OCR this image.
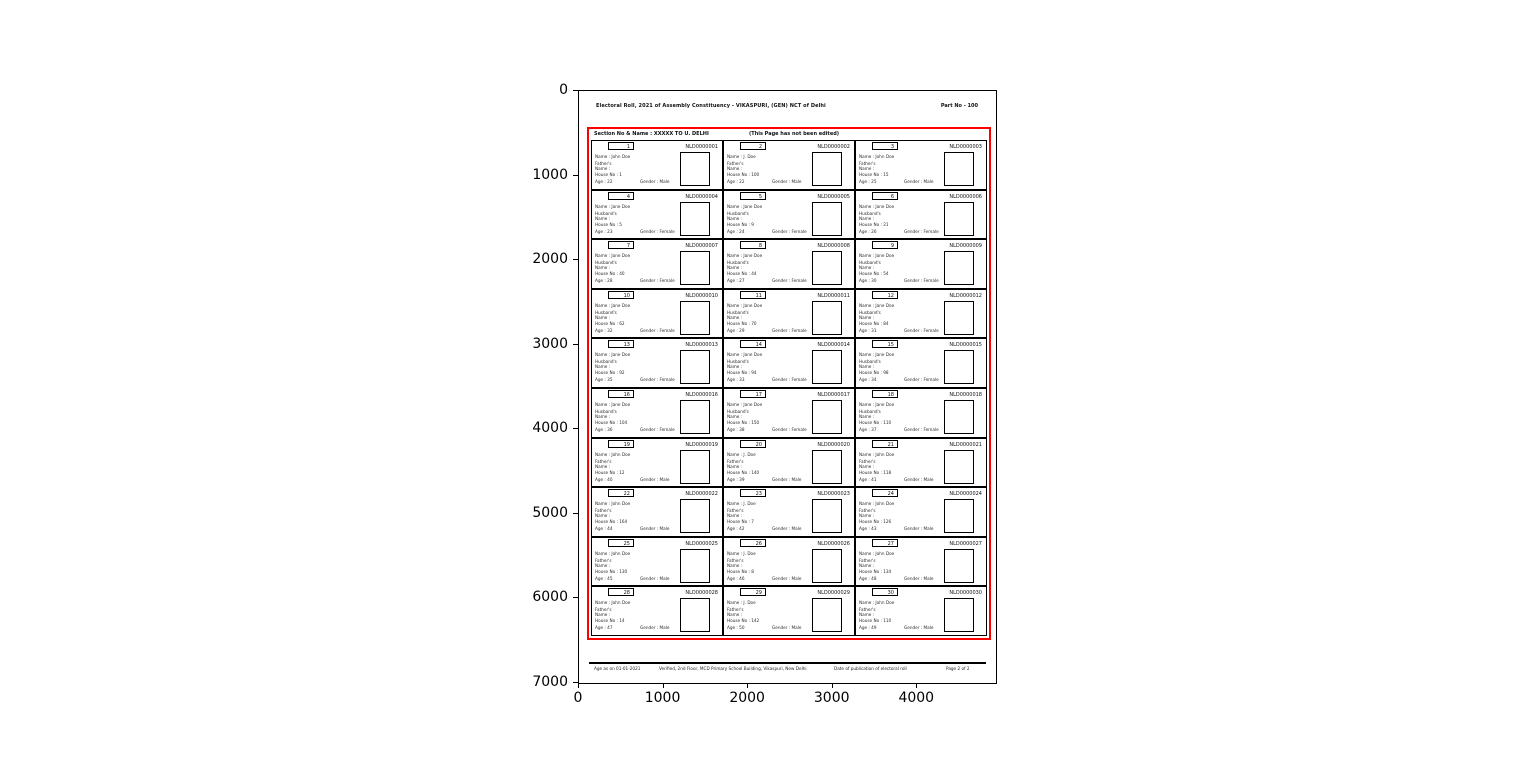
0
1000
2000
3000
4000
5000
6000
7000
0	1000	2000	3000	4000
Electoral Roll, 2021 of Assembly Constituency - VIKASPURI, (GEN) NCT of Delhi	Part No - 100
Section No & Name : XXXXX TO U. DELHI	(This Page has not been edited)
1	NLD0000001
Name : John Doe
Father's
Name :
House No : 1
Age : 22	Gender : Male
2	NLD0000002
Name : J. Doe
Father's
Name :
House No : 100
Age : 22	Gender : Male
3	NLD0000003
Name : John Doe
Father's
Name :
House No : 15
Age : 25	Gender : Male
4	NLD0000004
Name : Jane Doe
Husband's
Name :
House No : 5
Age : 23	Gender : Female
5	NLD0000005
Name : Jane Doe
Husband's
Name :
House No : 9
Age : 24	Gender : Female
6	NLD0000006
Name : Jane Doe
Husband's
Name :
House No : 21
Age : 26	Gender : Female
7	NLD0000007
Name : Jane Doe
Husband's
Name :
House No : 40
Age : 28	Gender : Female
8	NLD0000008
Name : Jane Doe
Husband's
Name :
House No : 44
Age : 27	Gender : Female
9	NLD0000009
Name : Jane Doe
Husband's
Name :
House No : 54
Age : 30	Gender : Female
10	NLD0000010
Name : Jane Doe
Husband's
Name :
House No : 62
Age : 32	Gender : Female
11	NLD0000011
Name : Jane Doe
Husband's
Name :
House No : 70
Age : 29	Gender : Female
12	NLD0000012
Name : Jane Doe
Husband's
Name :
House No : 84
Age : 31	Gender : Female
13	NLD0000013
Name : Jane Doe
Husband's
Name :
House No : 92
Age : 35	Gender : Female
14	NLD0000014
Name : Jane Doe
Husband's
Name :
House No : 94
Age : 33	Gender : Female
15	NLD0000015
Name : Jane Doe
Husband's
Name :
House No : 98
Age : 34	Gender : Female
16	NLD0000016
Name : Jane Doe
Husband's
Name :
House No : 104
Age : 36	Gender : Female
17	NLD0000017
Name : Jane Doe
Husband's
Name :
House No : 150
Age : 38	Gender : Female
18	NLD0000018
Name : Jane Doe
Husband's
Name :
House No : 110
Age : 37	Gender : Female
19	NLD0000019
Name : John Doe
Father's
Name :
House No : 12
Age : 40	Gender : Male
20	NLD0000020
Name : J. Doe
Father's
Name :
House No : 140
Age : 39	Gender : Male
21	NLD0000021
Name : John Doe
Father's
Name :
House No : 118
Age : 41	Gender : Male
22	NLD0000022
Name : John Doe
Father's
Name :
House No : 164
Age : 44	Gender : Male
23	NLD0000023
Name : J. Doe
Father's
Name :
House No : 7
Age : 42	Gender : Male
24	NLD0000024
Name : John Doe
Father's
Name :
House No : 126
Age : 43	Gender : Male
25	NLD0000025
Name : John Doe
Father's
Name :
House No : 130
Age : 45	Gender : Male
26	NLD0000026
Name : J. Doe
Father's
Name :
House No : 8
Age : 46	Gender : Male
27	NLD0000027
Name : John Doe
Father's
Name :
House No : 134
Age : 48	Gender : Male
28	NLD0000028
Name : John Doe
Father's
Name :
House No : 14
Age : 47	Gender : Male
29	NLD0000029
Name : J. Doe
Father's
Name :
House No : 142
Age : 50	Gender : Male
30	NLD0000030
Name : John Doe
Father's
Name :
House No : 110
Age : 49	Gender : Male
Age as on 01-01-2021	Verified, 2nd Floor, MCD Primary School Building, Vikaspuri, New Delhi	Date of publication of electoral roll	Page 2 of 2
